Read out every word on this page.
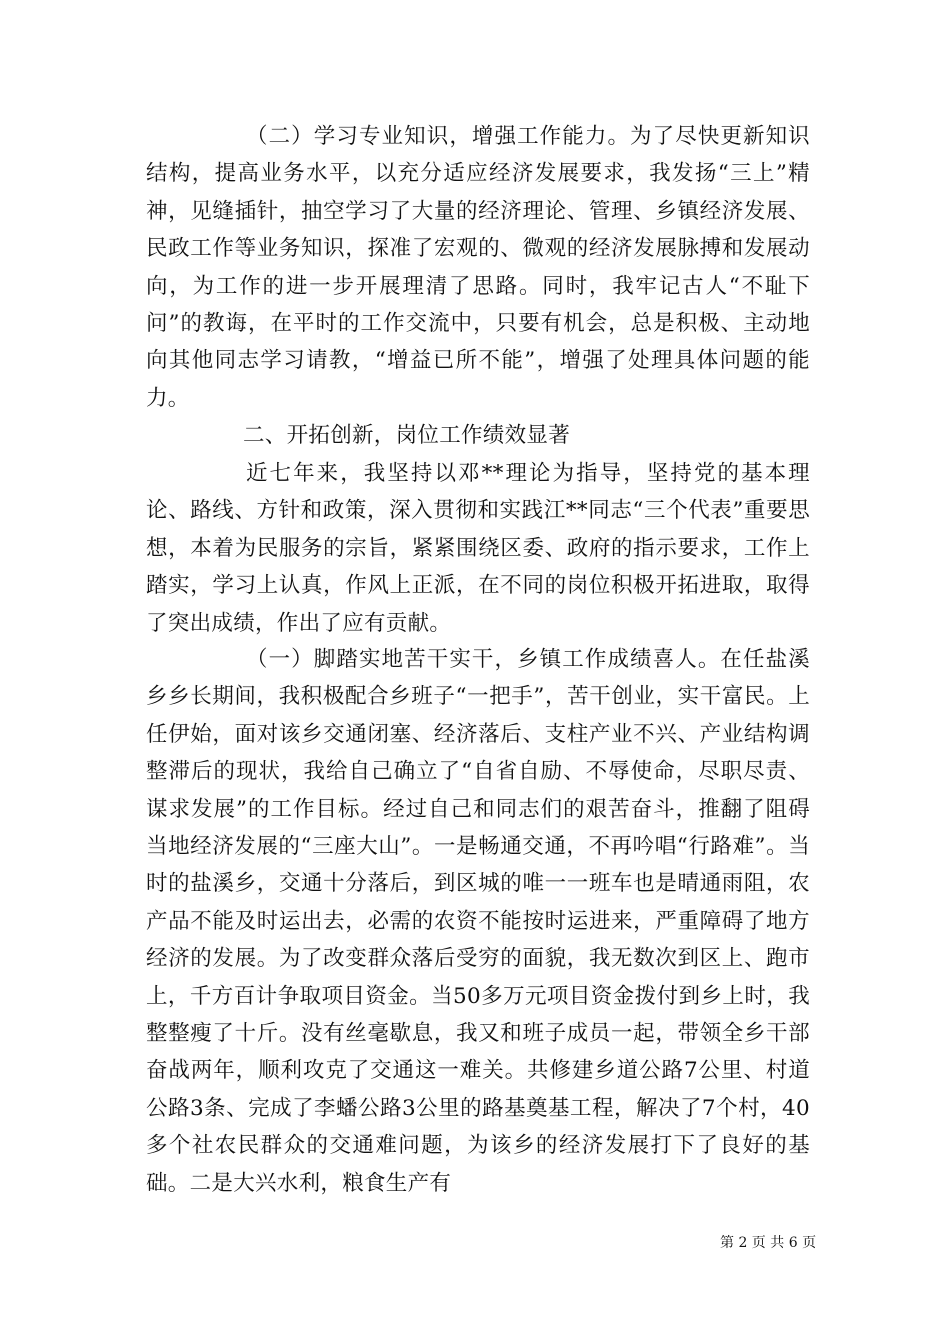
（二）学习专业知识，增强工作能力。为了尽快更新知识结构，提高业务水平，以充分适应经济发展要求，我发扬“三上”精神，见缝插针，抽空学习了大量的经济理论、管理、乡镇经济发展、民政工作等业务知识，探准了宏观的、微观的经济发展脉搏和发展动向，为工作的进一步开展理清了思路。同时，我牢记古人“不耻下问”的教诲，在平时的工作交流中，只要有机会，总是积极、主动地向其他同志学习请教，“增益已所不能”，增强了处理具体问题的能力。

二、开拓创新，岗位工作绩效显著

近七年来，我坚持以邓**理论为指导，坚持党的基本理论、路线、方针和政策，深入贯彻和实践江**同志“三个代表”重要思想，本着为民服务的宗旨，紧紧围绕区委、政府的指示要求，工作上踏实，学习上认真，作风上正派，在不同的岗位积极开拓进取，取得了突出成绩，作出了应有贡献。

（一）脚踏实地苦干实干，乡镇工作成绩喜人。在任盐溪乡乡长期间，我积极配合乡班子“一把手”，苦干创业，实干富民。上任伊始，面对该乡交通闭塞、经济落后、支柱产业不兴、产业结构调整滞后的现状，我给自己确立了“自省自励、不辱使命，尽职尽责、谋求发展”的工作目标。经过自己和同志们的艰苦奋斗，推翻了阻碍当地经济发展的“三座大山”。一是畅通交通，不再吟唱“行路难”。当时的盐溪乡，交通十分落后，到区城的唯一一班车也是晴通雨阻，农产品不能及时运出去，必需的农资不能按时运进来，严重障碍了地方经济的发展。为了改变群众落后受穷的面貌，我无数次到区上、跑市上，千方百计争取项目资金。当50多万元项目资金拨付到乡上时，我整整瘦了十斤。没有丝毫歇息，我又和班子成员一起，带领全乡干部奋战两年，顺利攻克了交通这一难关。共修建乡道公路7公里、村道公路3条、完成了李蟠公路3公里的路基奠基工程，解决了7个村，40多个社农民群众的交通难问题，为该乡的经济发展打下了良好的基础。二是大兴水利，粮食生产有

第 2 页 共 6 页
